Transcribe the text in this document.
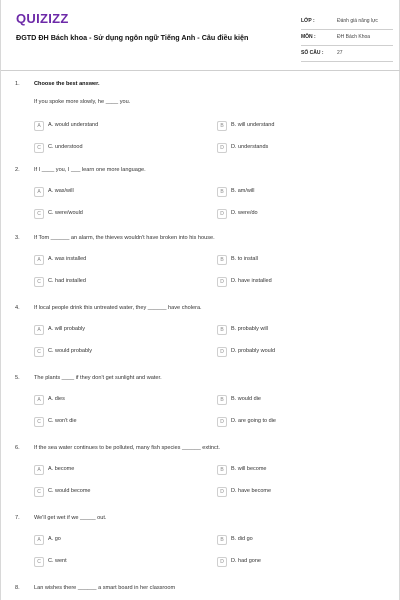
QUIZIZZ
ĐGTD ĐH Bách khoa - Sử dụng ngôn ngữ Tiếng Anh - Câu điều kiện
LỚP :	Đánh giá năng lực
MÔN :	ĐH Bách Khoa
SỐ CÂU :	27
1.	Choose the best answer.
If you spoke more slowly, he ____ you.
A	A. would understand	B	B. will understand
C	C. understood	D	D. understands
2.	If I ____ you, I ___ learn one more language.
A	A. was/will	B	B. am/will
C	C. were/would	D	D. were/do
3.	If Tom ______ an alarm, the thieves wouldn't have broken into his house.
A	A. was installed	B	B. to install
C	C. had installed	D	D. have installed
4.	If local people drink this untreated water, they ______ have cholera.
A	A. will probably	B	B. probably will
C	C. would probably	D	D. probably would
5.	The plants ____ if they don't get sunlight and water.
A	A. dies	B	B. would die
C	C. won't die	D	D. are going to die
6.	If the sea water continues to be polluted, many fish species ______ extinct.
A	A. become	B	B. will become
C	C. would become	D	D. have become
7.	We'll get wet if we _____ out.
A	A. go	B	B. did go
C	C. went	D	D. had gone
8.	Lan wishes there ______ a smart board in her classroom
